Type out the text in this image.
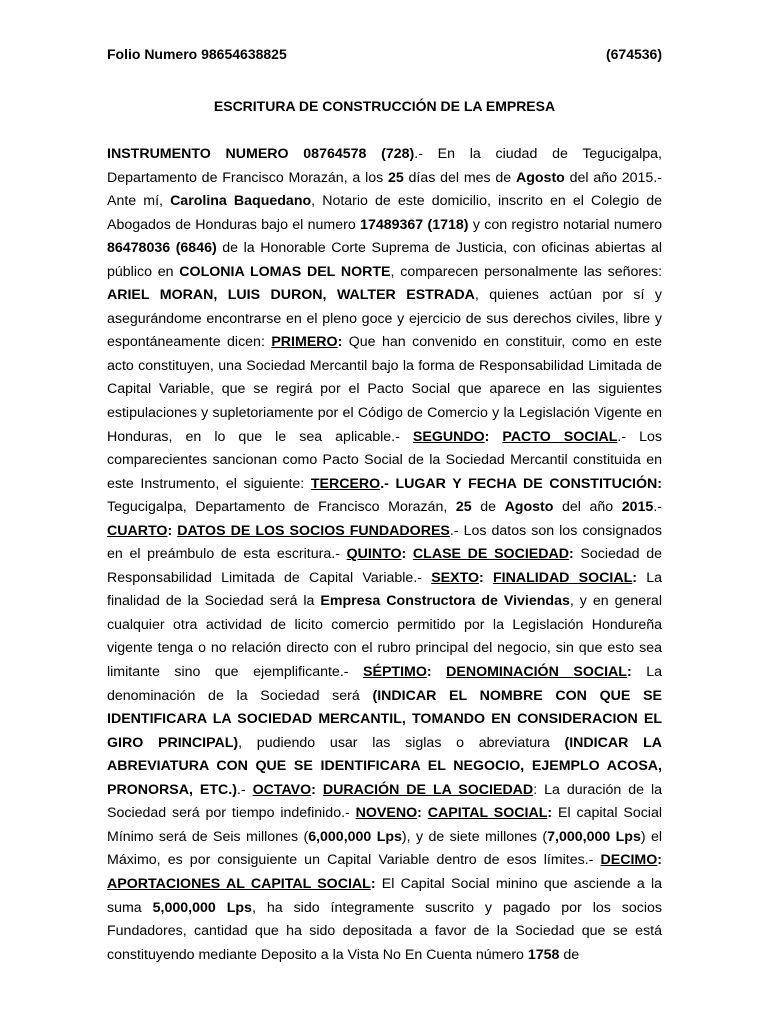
Folio Numero 98654638825	(674536)
ESCRITURA DE CONSTRUCCIÓN DE LA EMPRESA

INSTRUMENTO NUMERO 08764578 (728).- En la ciudad de Tegucigalpa, Departamento de Francisco Morazán, a los 25 días del mes de Agosto del año 2015.- Ante mí, Carolina Baquedano, Notario de este domicilio, inscrito en el Colegio de Abogados de Honduras bajo el numero 17489367 (1718) y con registro notarial numero 86478036 (6846) de la Honorable Corte Suprema de Justicia, con oficinas abiertas al público en COLONIA LOMAS DEL NORTE, comparecen personalmente las señores: ARIEL MORAN, LUIS DURON, WALTER ESTRADA, quienes actúan por sí y asegurándome encontrarse en el pleno goce y ejercicio de sus derechos civiles, libre y espontáneamente dicen: PRIMERO: Que han convenido en constituir, como en este acto constituyen, una Sociedad Mercantil bajo la forma de Responsabilidad Limitada de Capital Variable, que se regirá por el Pacto Social que aparece en las siguientes estipulaciones y supletoriamente por el Código de Comercio y la Legislación Vigente en Honduras, en lo que le sea aplicable.- SEGUNDO: PACTO SOCIAL.- Los comparecientes sancionan como Pacto Social de la Sociedad Mercantil constituida en este Instrumento, el siguiente: TERCERO.- LUGAR Y FECHA DE CONSTITUCIÓN: Tegucigalpa, Departamento de Francisco Morazán, 25 de Agosto del año 2015.- CUARTO: DATOS DE LOS SOCIOS FUNDADORES.- Los datos son los consignados en el preámbulo de esta escritura.- QUINTO: CLASE DE SOCIEDAD: Sociedad de Responsabilidad Limitada de Capital Variable.- SEXTO: FINALIDAD SOCIAL: La finalidad de la Sociedad será la Empresa Constructora de Viviendas, y en general cualquier otra actividad de licito comercio permitido por la Legislación Hondureña vigente tenga o no relación directo con el rubro principal del negocio, sin que esto sea limitante sino que ejemplificante.- SÉPTIMO: DENOMINACIÓN SOCIAL: La denominación de la Sociedad será (INDICAR EL NOMBRE CON QUE SE IDENTIFICARA LA SOCIEDAD MERCANTIL, TOMANDO EN CONSIDERACION EL GIRO PRINCIPAL), pudiendo usar las siglas o abreviatura (INDICAR LA ABREVIATURA CON QUE SE IDENTIFICARA EL NEGOCIO, EJEMPLO ACOSA, PRONORSA, ETC.).- OCTAVO: DURACIÓN DE LA SOCIEDAD: La duración de la Sociedad será por tiempo indefinido.- NOVENO: CAPITAL SOCIAL: El capital Social Mínimo será de Seis millones (6,000,000 Lps), y de siete millones (7,000,000 Lps) el Máximo, es por consiguiente un Capital Variable dentro de esos límites.- DECIMO: APORTACIONES AL CAPITAL SOCIAL: El Capital Social minino que asciende a la suma 5,000,000 Lps, ha sido íntegramente suscrito y pagado por los socios Fundadores, cantidad que ha sido depositada a favor de la Sociedad que se está constituyendo mediante Deposito a la Vista No En Cuenta número 1758 de
